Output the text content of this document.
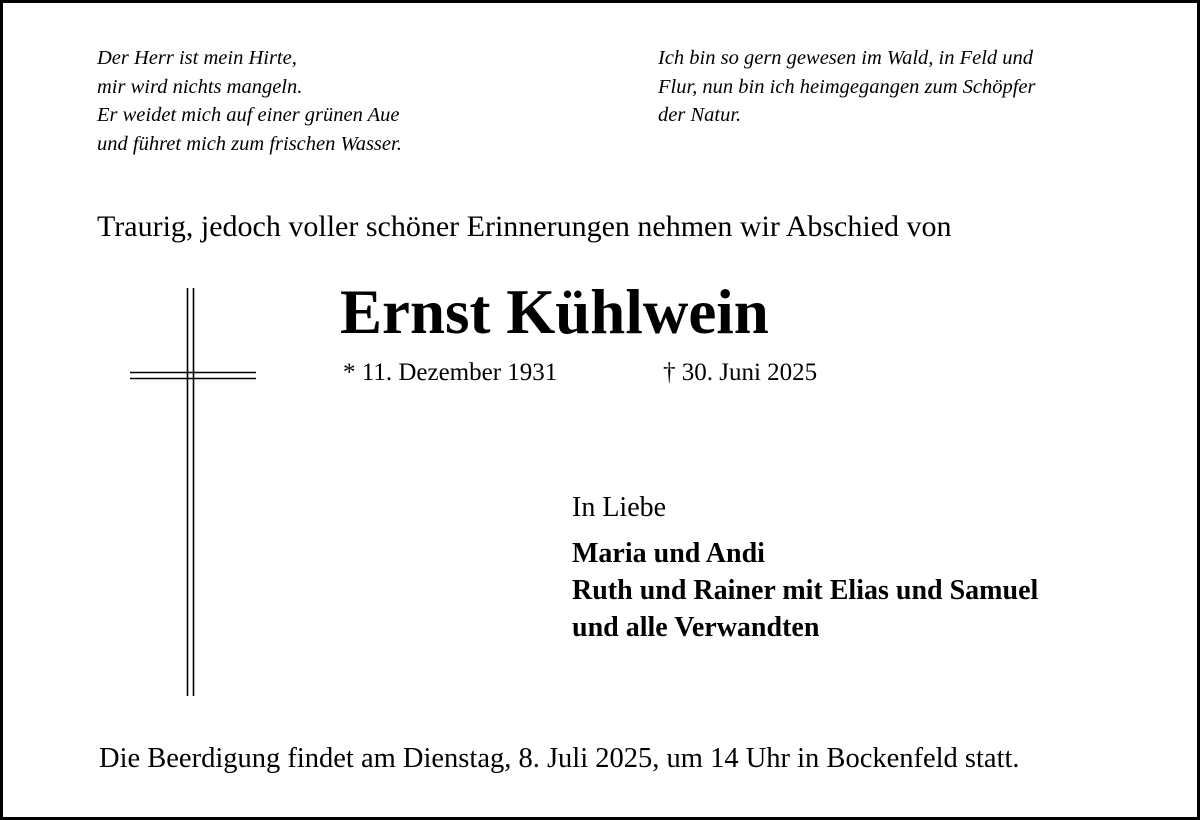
Der Herr ist mein Hirte,
mir wird nichts mangeln.
Er weidet mich auf einer grünen Aue
und führet mich zum frischen Wasser.
Ich bin so gern gewesen im Wald, in Feld und
Flur, nun bin ich heimgegangen zum Schöpfer
der Natur.
Traurig, jedoch voller schöner Erinnerungen nehmen wir Abschied von
Ernst Kühlwein
* 11. Dezember 1931	† 30. Juni 2025
In Liebe
Maria und Andi
Ruth und Rainer mit Elias und Samuel
und alle Verwandten
Die Beerdigung findet am Dienstag, 8. Juli 2025, um 14 Uhr in Bockenfeld statt.
